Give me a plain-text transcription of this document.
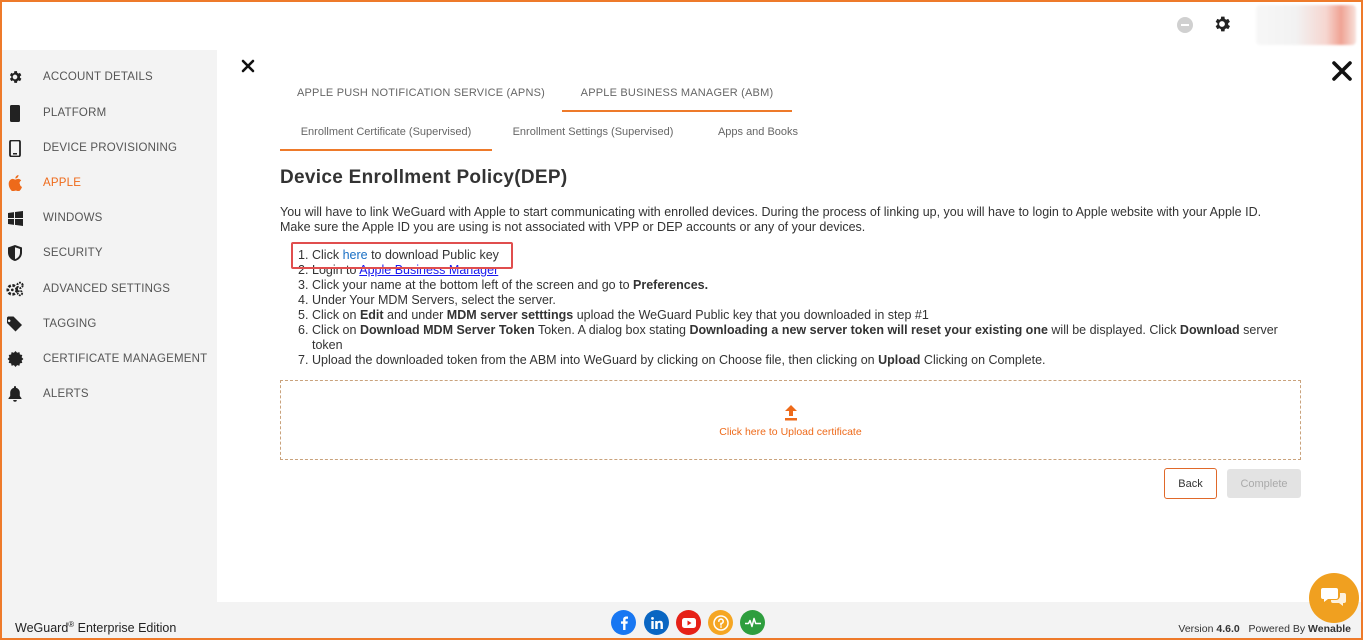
ACCOUNT DETAILS
PLATFORM
DEVICE PROVISIONING
APPLE
WINDOWS
SECURITY
ADVANCED SETTINGS
TAGGING
CERTIFICATE MANAGEMENT
ALERTS
APPLE PUSH NOTIFICATION SERVICE (APNS)	APPLE BUSINESS MANAGER (ABM)
Enrollment Certificate (Supervised)	Enrollment Settings (Supervised)	Apps and Books
Device Enrollment Policy(DEP)
You will have to link WeGuard with Apple to start communicating with enrolled devices. During the process of linking up, you will have to login to Apple website with your Apple ID. Make sure the Apple ID you are using is not associated with VPP or DEP accounts or any of your devices.
1. Click here to download Public key
2. Login to Apple Business Manager
3. Click your name at the bottom left of the screen and go to Preferences.
4. Under Your MDM Servers, select the server.
5. Click on Edit and under MDM server setttings upload the WeGuard Public key that you downloaded in step #1
6. Click on Download MDM Server Token Token. A dialog box stating Downloading a new server token will reset your existing one will be displayed. Click Download server token
7. Upload the downloaded token from the ABM into WeGuard by clicking on Choose file, then clicking on Upload Clicking on Complete.
Click here to Upload certificate
Back	Complete
WeGuard® Enterprise Edition	Version 4.6.0 Powered By Wenable
